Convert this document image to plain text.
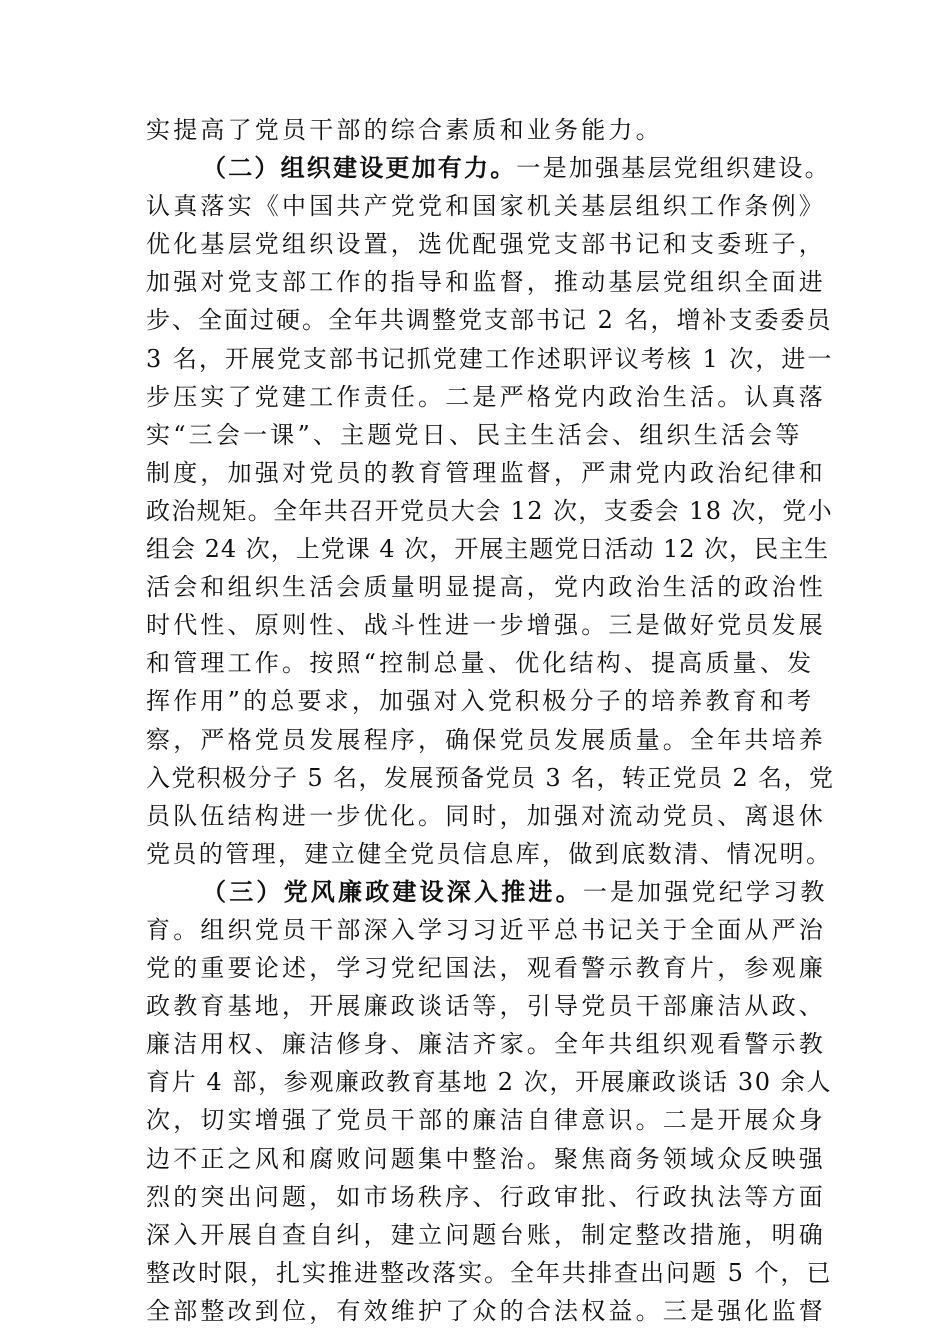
实提高了党员干部的综合素质和业务能力。
（二）组织建设更加有力。一是加强基层党组织建设。
认真落实《中国共产党党和国家机关基层组织工作条例》
优化基层党组织设置，选优配强党支部书记和支委班子，
加强对党支部工作的指导和监督，推动基层党组织全面进
步、全面过硬。全年共调整党支部书记 2 名，增补支委委员
3 名，开展党支部书记抓党建工作述职评议考核 1 次，进一
步压实了党建工作责任。二是严格党内政治生活。认真落
实“三会一课”、主题党日、民主生活会、组织生活会等
制度，加强对党员的教育管理监督，严肃党内政治纪律和
政治规矩。全年共召开党员大会 12 次，支委会 18 次，党小
组会 24 次，上党课 4 次，开展主题党日活动 12 次，民主生
活会和组织生活会质量明显提高，党内政治生活的政治性
时代性、原则性、战斗性进一步增强。三是做好党员发展
和管理工作。按照“控制总量、优化结构、提高质量、发
挥作用”的总要求，加强对入党积极分子的培养教育和考
察，严格党员发展程序，确保党员发展质量。全年共培养
入党积极分子 5 名，发展预备党员 3 名，转正党员 2 名，党
员队伍结构进一步优化。同时，加强对流动党员、离退休
党员的管理，建立健全党员信息库，做到底数清、情况明。
（三）党风廉政建设深入推进。一是加强党纪学习教
育。组织党员干部深入学习习近平总书记关于全面从严治
党的重要论述，学习党纪国法，观看警示教育片，参观廉
政教育基地，开展廉政谈话等，引导党员干部廉洁从政、
廉洁用权、廉洁修身、廉洁齐家。全年共组织观看警示教
育片 4 部，参观廉政教育基地 2 次，开展廉政谈话 30 余人
次，切实增强了党员干部的廉洁自律意识。二是开展众身
边不正之风和腐败问题集中整治。聚焦商务领域众反映强
烈的突出问题，如市场秩序、行政审批、行政执法等方面
深入开展自查自纠，建立问题台账，制定整改措施，明确
整改时限，扎实推进整改落实。全年共排查出问题 5 个，已
全部整改到位，有效维护了众的合法权益。三是强化监督
